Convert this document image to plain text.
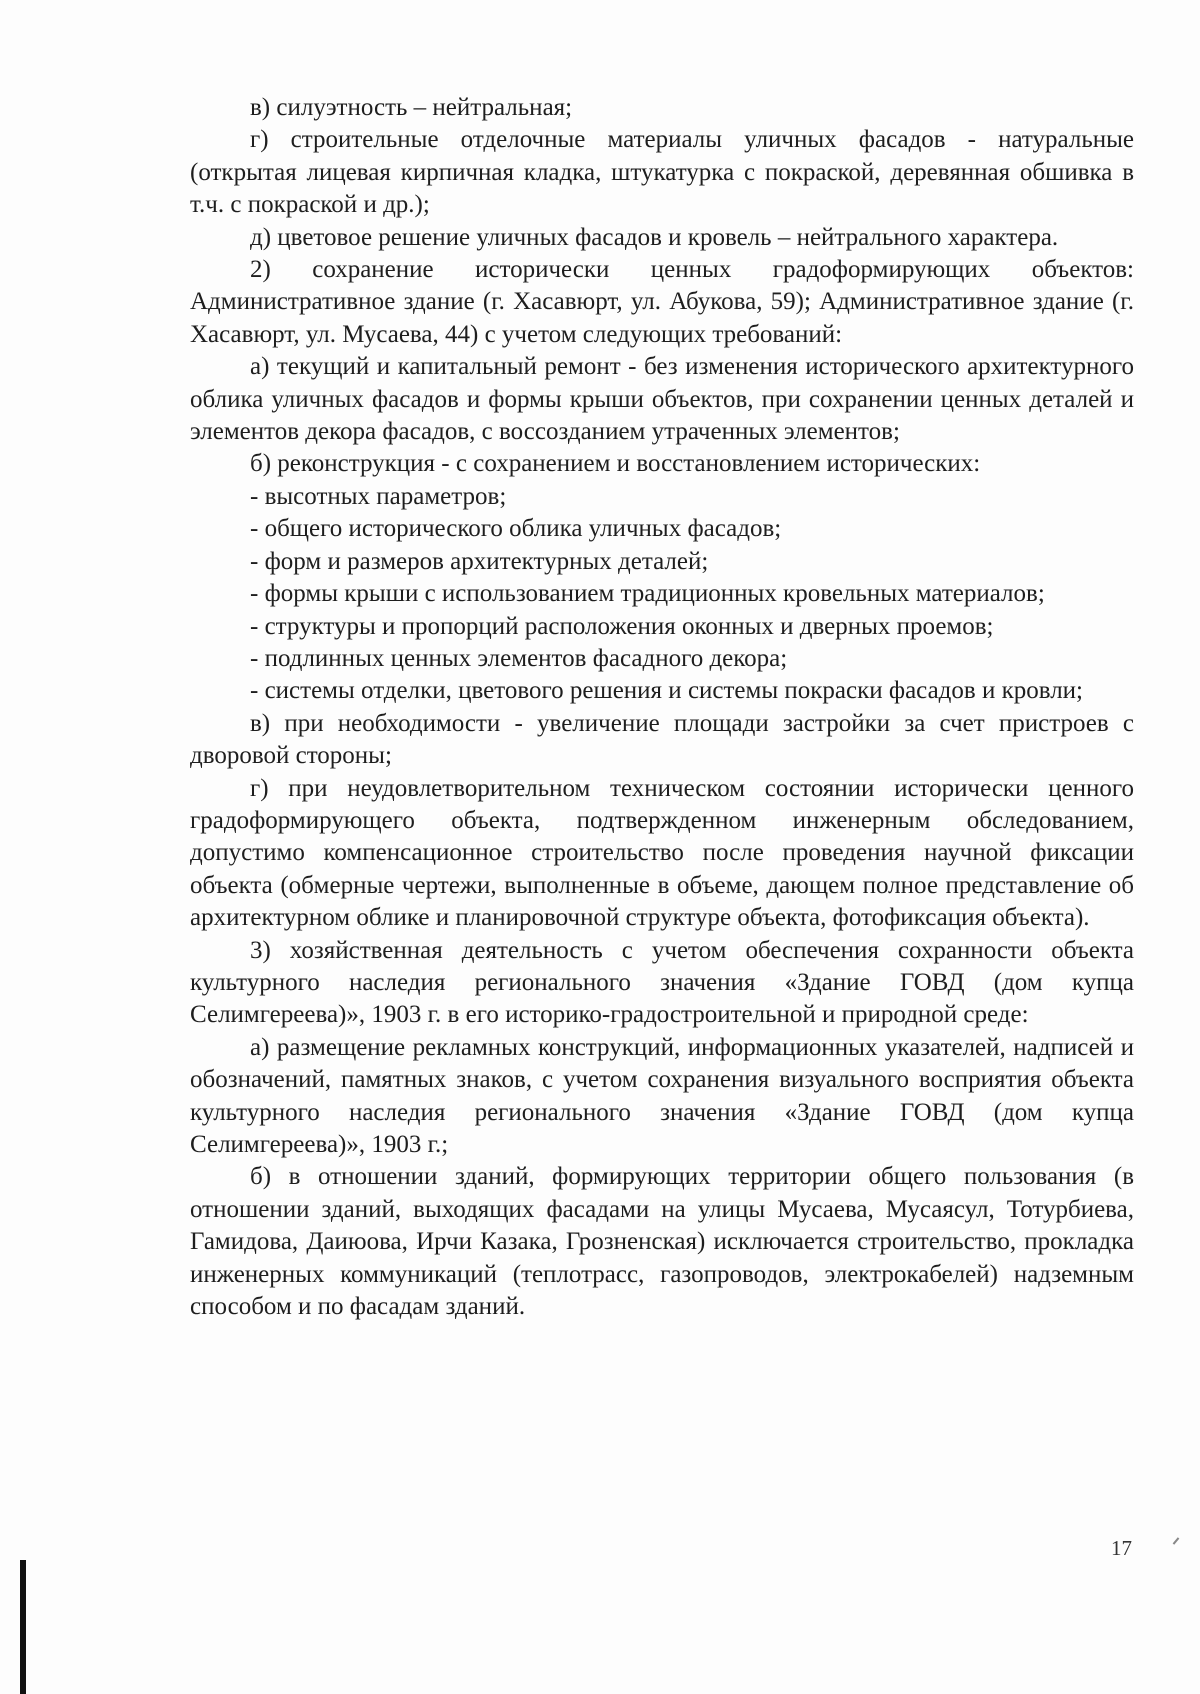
в) силуэтность – нейтральная;

г) строительные отделочные материалы уличных фасадов - натуральные (открытая лицевая кирпичная кладка, штукатурка с покраской, деревянная обшивка в т.ч. с покраской и др.);

д) цветовое решение уличных фасадов и кровель – нейтрального характера.

2) сохранение исторически ценных градоформирующих объектов: Административное здание (г. Хасавюрт, ул. Абукова, 59); Административное здание (г. Хасавюрт, ул. Мусаева, 44) с учетом следующих требований:

а) текущий и капитальный ремонт - без изменения исторического архитектурного облика уличных фасадов и формы крыши объектов, при сохранении ценных деталей и элементов декора фасадов, с воссозданием утраченных элементов;

б) реконструкция - с сохранением и восстановлением исторических:

- высотных параметров;

- общего исторического облика уличных фасадов;

- форм и размеров архитектурных деталей;

- формы крыши с использованием традиционных кровельных материалов;

- структуры и пропорций расположения оконных и дверных проемов;

- подлинных ценных элементов фасадного декора;

- системы отделки, цветового решения и системы покраски фасадов и кровли;

в) при необходимости - увеличение площади застройки за счет пристроев с дворовой стороны;

г) при неудовлетворительном техническом состоянии исторически ценного градоформирующего объекта, подтвержденном инженерным обследованием, допустимо компенсационное строительство после проведения научной фиксации объекта (обмерные чертежи, выполненные в объеме, дающем полное представление об архитектурном облике и планировочной структуре объекта, фотофиксация объекта).

3) хозяйственная деятельность с учетом обеспечения сохранности объекта культурного наследия регионального значения «Здание ГОВД (дом купца Селимгереева)», 1903 г. в его историко-градостроительной и природной среде:

а) размещение рекламных конструкций, информационных указателей, надписей и обозначений, памятных знаков, с учетом сохранения визуального восприятия объекта культурного наследия регионального значения «Здание ГОВД (дом купца Селимгереева)», 1903 г.;

б) в отношении зданий, формирующих территории общего пользования (в отношении зданий, выходящих фасадами на улицы Мусаева, Мусаясул, Тотурбиева, Гамидова, Даиюова, Ирчи Казака, Грозненская) исключается строительство, прокладка инженерных коммуникаций (теплотрасс, газопроводов, электрокабелей) надземным способом и по фасадам зданий.

17
